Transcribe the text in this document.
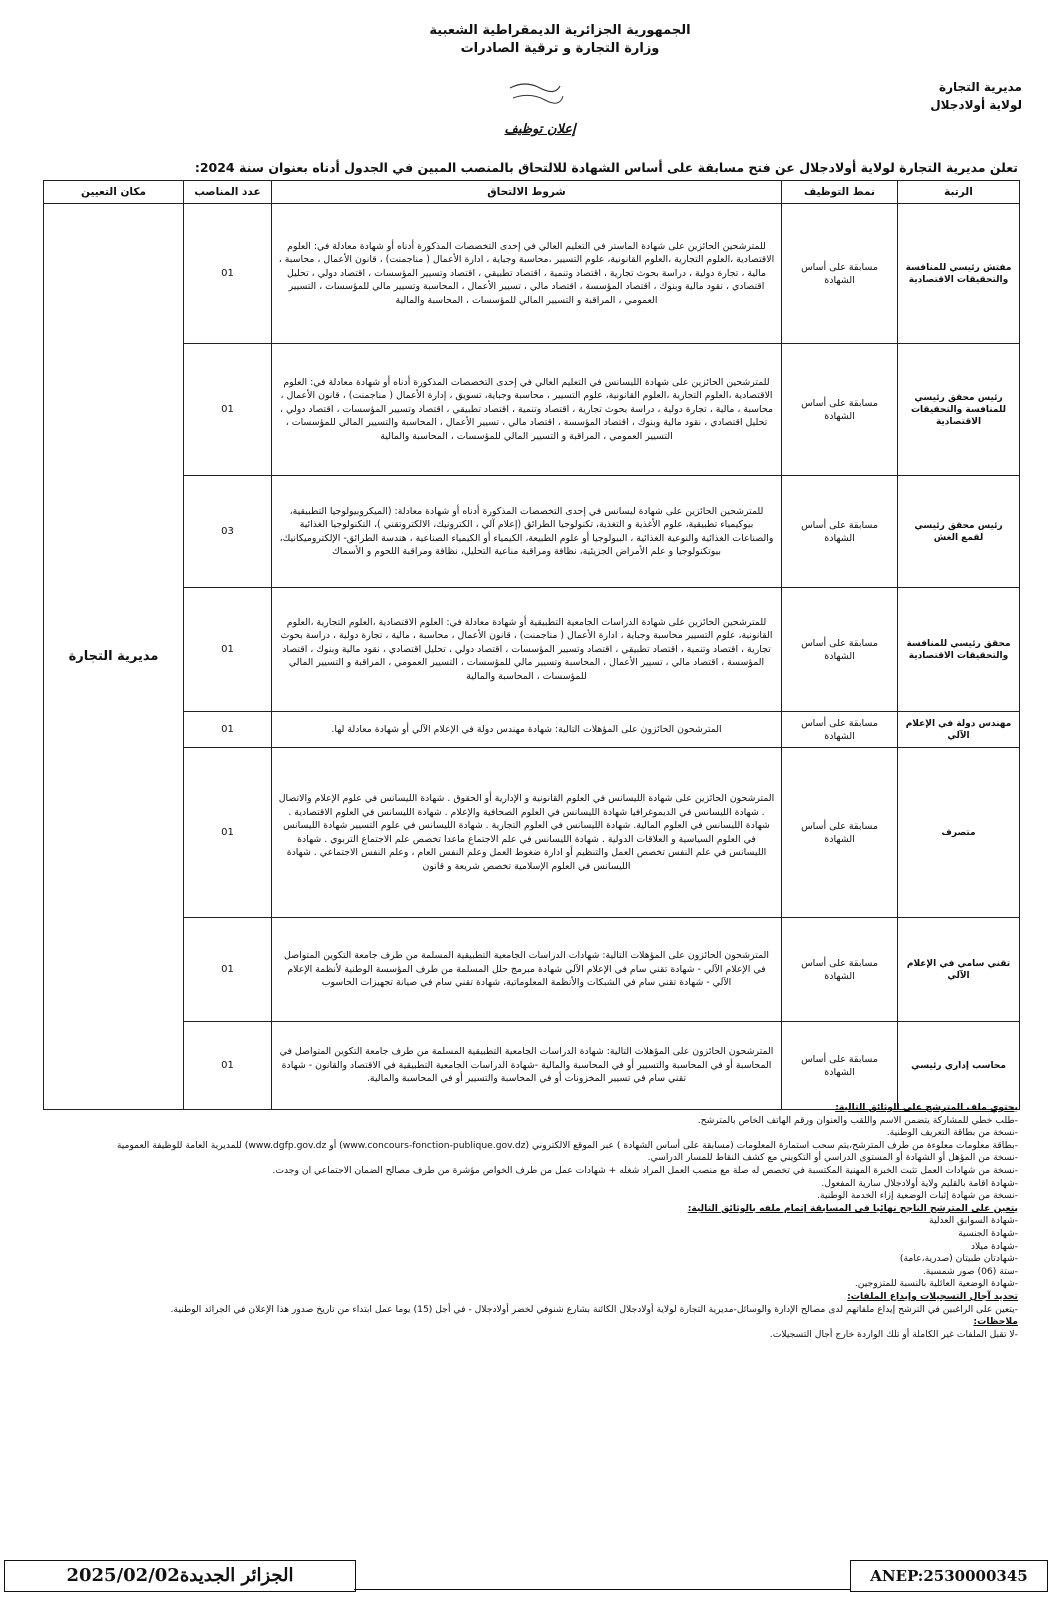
الجمهورية الجزائرية الديمقراطية الشعبية
وزارة التجارة و ترقية الصادرات
مديرية التجارة
لولاية أولادجلال
إعلان توظيف
تعلن مديرية التجارة لولاية أولادجلال عن فتح مسابقة على أساس الشهادة للالتحاق بالمنصب المبين في الجدول أدناه بعنوان سنة 2024:
الرتبة	نمط التوظيف	شروط الالتحاق	عدد المناصب	مكان التعيين
مفتش رئيسي للمنافسة والتحقيقات الاقتصادية	مسابقة على أساس الشهادة	للمترشحين الحائزين على شهادة الماستر في التعليم العالي في إحدى التخصصات المذكورة أدناه أو شهادة معادلة في: العلوم الاقتصادية ،العلوم التجارية ،العلوم القانونية، علوم التسيير ،محاسبة وجباية ، ادارة الأعمال ( مناجمنت) ، قانون الأعمال ، محاسبة ، مالية ، تجارة دولية ، دراسة بحوث تجارية ، اقتصاد وتنمية ، اقتصاد تطبيقي ، اقتصاد وتسيير المؤسسات ، اقتصاد دولي ، تحليل اقتصادي ، نقود مالية وبنوك ، اقتصاد المؤسسة ، اقتصاد مالي ، تسيير الأعمال ، المحاسبة وتسيير مالي للمؤسسات ، التسيير العمومي ، المراقبة و التسيير المالي للمؤسسات ، المحاسبة والمالية	01	مديرية التجارة
رئيس محقق رئيسي للمنافسة والتحقيقات الاقتصادية	مسابقة على أساس الشهادة	للمترشحين الحائزين على شهادة الليسانس في التعليم العالي في إحدى التخصصات المذكورة أدناه أو شهادة معادلة في: العلوم الاقتصادية ،العلوم التجارية ،العلوم القانونية، علوم التسيير ، محاسبة وجباية، تسويق ، إدارة الأعمال ( مناجمنت) ، قانون الأعمال ، محاسبة ، مالية ، تجارة دولية ، دراسة بحوث تجارية ، اقتصاد وتنمية ، اقتصاد تطبيقي ، اقتصاد وتسيير المؤسسات ، اقتصاد دولي ، تحليل اقتصادي ، نقود مالية وبنوك ، اقتصاد المؤسسة ، اقتصاد مالي ، تسيير الأعمال ، المحاسبة والتسيير المالي للمؤسسات ، التسيير العمومي ، المراقبة و التسيير المالي للمؤسسات ، المحاسبة والمالية	01	
رئيس محقق رئيسي لقمع الغش	مسابقة على أساس الشهادة	للمترشحين الحائزين على شهادة ليسانس في إحدى التخصصات المذكورة أدناه أو شهادة معادلة: (الميكروبيولوجيا التطبيقية، بيوكيمياء تطبيقية، علوم الأغذية و التغذية، تكنولوجيا الطرائق (إعلام آلي ، الكترونيك، الالكتروتقني )، التكنولوجيا الغذائية والصناعات الغذائية والنوعية الغذائية ، البيولوجيا أو علوم الطبيعة، الكيمياء أو الكيمياء الصناعية ، هندسة الطرائق- الإلكتروميكانيك، بيوتكنولوجيا و علم الأمراض الجزيئية، نظافة ومراقبة مناعية التحليل، نظافة ومراقبة اللحوم و الأسماك	03	
محقق رئيسي للمنافسة والتحقيقات الاقتصادية	مسابقة على أساس الشهادة	للمترشحين الحائزين على شهادة الدراسات الجامعية التطبيقية أو شهادة معادلة في: العلوم الاقتصادية ،العلوم التجارية ،العلوم القانونية، علوم التسيير محاسبة وجباية ، ادارة الأعمال ( مناجمنت) ، قانون الأعمال ، محاسبة ، مالية ، تجارة دولية ، دراسة بحوث تجارية ، اقتصاد وتنمية ، اقتصاد تطبيقي ، اقتصاد وتسيير المؤسسات ، اقتصاد دولي ، تحليل اقتصادي ، نقود مالية وبنوك ، اقتصاد المؤسسة ، اقتصاد مالي ، تسيير الأعمال ، المحاسبة وتسيير مالي للمؤسسات ، التسيير العمومي ، المراقبة و التسيير المالي للمؤسسات ، المحاسبة والمالية	01	
مهندس دولة في الإعلام الآلي	مسابقة على أساس الشهادة	المترشحون الحائزون على المؤهلات التالية: شهادة مهندس دولة في الإعلام الآلي أو شهادة معادلة لها.	01	
متصرف	مسابقة على أساس الشهادة	المترشحون الحائزين على شهادة الليسانس في العلوم القانونية و الإدارية أو الحقوق . شهادة الليسانس في علوم الإعلام والاتصال . شهادة الليسانس في الديموغرافيا شهادة الليسانس في العلوم الصحافية والإعلام . شهادة الليسانس في العلوم الاقتصادية . شهادة الليسانس في العلوم المالية. شهادة الليسانس في العلوم التجارية . شهادة الليسانس في علوم التسيير شهادة الليسانس في العلوم السياسية و العلاقات الدولية . شهادة الليسانس في علم الاجتماع ماعدا تخصص علم الاجتماع التربوي . شهادة الليسانس في علم النفس تخصص العمل والتنظيم أو ادارة ضغوط العمل وعلم النفس العام ، وعلم النفس الاجتماعي . شهادة الليسانس في العلوم الإسلامية تخصص شريعة و قانون	01	
تقني سامي في الإعلام الآلي	مسابقة على أساس الشهادة	المترشحون الحائزون على المؤهلات التالية: شهادات الدراسات الجامعية التطبيقية المسلمة من طرف جامعة التكوين المتواصل في الإعلام الآلي - شهادة تقني سام في الإعلام الآلي شهادة مبرمج حلل المسلمة من طرف المؤسسة الوطنية لأنظمة الإعلام الآلي - شهادة تقني سام في الشبكات والأنظمة المعلوماتية، شهادة تقني سام في صيانة تجهيزات الحاسوب	01	
محاسب إداري رئيسي	مسابقة على أساس الشهادة	المترشحون الحائزون على المؤهلات التالية: شهادة الدراسات الجامعية التطبيقية المسلمة من طرف جامعة التكوين المتواصل في المحاسبة أو في المحاسبة والتسيير أو في المحاسبة والمالية -شهادة الدراسات الجامعية التطبيقية في الاقتصاد والقانون - شهادة تقني سام في تسيير المخزونات أو في المحاسبة والتسيير أو في المحاسبة والمالية.	01	
يحتوي ملف المترشح على الوثائق التالية:
-طلب خطي للمشاركة يتضمن الاسم واللقب والعنوان ورقم الهاتف الخاص بالمترشح.
-نسخة من بطاقة التعريف الوطنية.
-بطاقة معلومات معلوءة من طرف المترشح،يتم سحب استمارة المعلومات (مسابقة على أساس الشهادة ) عبر الموقع الالكتروني (www.concours-fonction-publique.gov.dz) أو www.dgfp.gov.dz) للمديرية العامة للوظيفة العمومية
-نسخة من المؤهل أو الشهادة أو المستوى الدراسي أو التكويني مع كشف النقاط للمسار الدراسي.
-نسخة من شهادات العمل تثبت الخبرة المهنية المكتسبة في تخصص له صلة مع منصب العمل المراد شغله + شهادات عمل من طرف الخواص مؤشرة من طرف مصالح الضمان الاجتماعي ان وجدت.
-شهادة اقامة بالقليم ولاية أولادجلال سارية المفعول.
-نسخة من شهادة إثبات الوضعية إزاء الخدمة الوطنية.
يتعين على المترشح الناجح نهائيا في المسابقة إتمام ملفه بالوثائق التالية:
-شهادة السوابق العدلية
-شهادة الجنسية
-شهادة ميلاد
-شهادتان طبيتان (صدرية،عامة)
-ستة (06) صور شمسية.
-شهادة الوضعية العائلية بالنسبة للمتزوجين.
تحديد آجال التسجيلات وإيداع الملفات:
-يتعين على الراغبين في الترشح إيداع ملفاتهم لدى مصالح الإدارة والوسائل-مديرية التجارة لولاية أولادجلال الكائنة بشارع شنوفي لخضر أولادجلال - في أجل (15) يوما عمل ابتداء من تاريخ صدور هذا الإعلان في الجرائد الوطنية.
ملاحظات:
-لا تقبل الملفات غير الكاملة أو تلك الواردة خارج أجال التسجيلات.
الجزائر الجديدة2025/02/02	ANEP:2530000345
